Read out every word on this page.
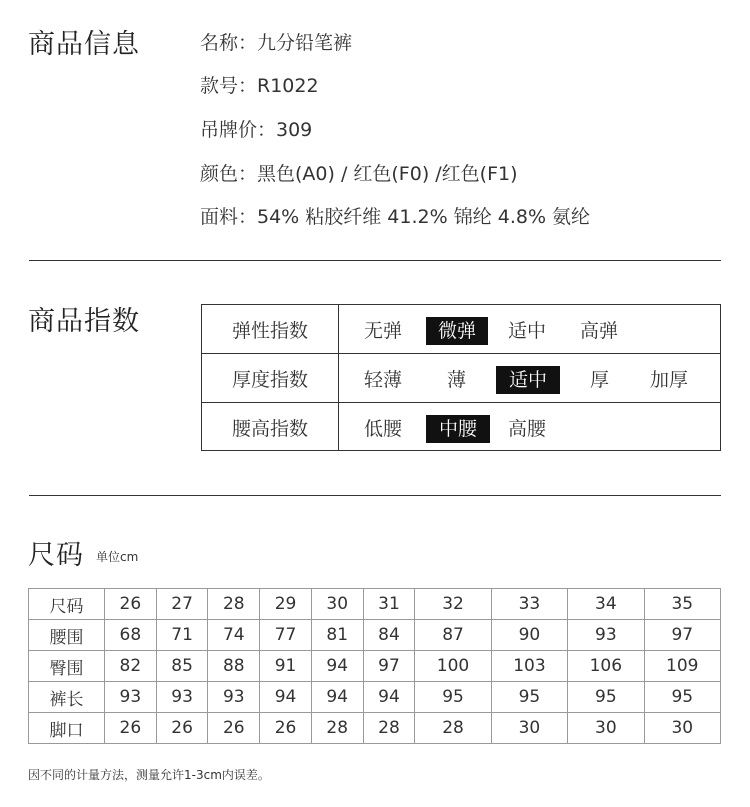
商品信息	名称：九分铅笔裤
款号：R1022
吊牌价：309
颜色：黑色(A0) / 红色(F0) /红色(F1)
面料：54% 粘胶纤维 41.2% 锦纶 4.8% 氨纶
商品指数	弹性指数	无弹	微弹	适中 高弹
厚度指数	轻薄 薄	适中	厚 加厚
腰高指数	低腰	中腰	高腰
尺码 单位cm
尺码	26	27	28	29	30	31	32	33	34	35
腰围	68	71	74	77	81	84	87	90	93	97
臀围	82	85	88	91	94	97	100	103	106	109
裤长	93	93	93	94	94	94	95	95	95	95
脚口	26	26	26	26	28	28	28	30	30	30
因不同的计量方法，测量允许1-3cm内误差。
